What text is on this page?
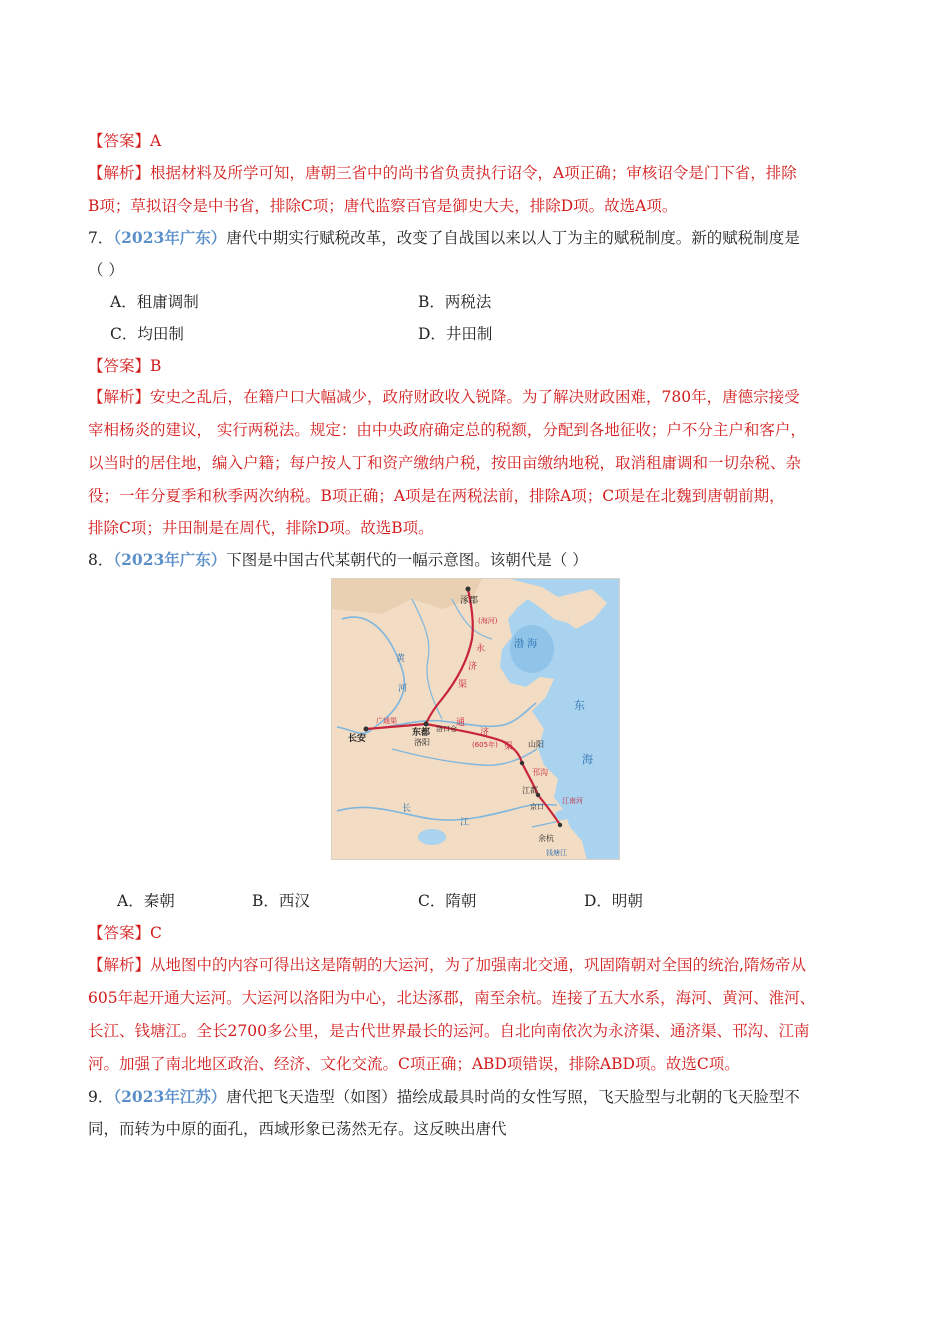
【答案】A
【解析】根据材料及所学可知，唐朝三省中的尚书省负责执行诏令，A项正确；审核诏令是门下省，排除
B项；草拟诏令是中书省，排除C项；唐代监察百官是御史大夫，排除D项。故选A项。
7．（2023年广东）唐代中期实行赋税改革，改变了自战国以来以人丁为主的赋税制度。新的赋税制度是
（ ）
A．租庸调制	B．两税法
C．均田制	D．井田制
【答案】B
【解析】安史之乱后，在籍户口大幅减少，政府财政收入锐降。为了解决财政困难，780年，唐德宗接受
宰相杨炎的建议， 实行两税法。规定：由中央政府确定总的税额，分配到各地征收；户不分主户和客户，
以当时的居住地，编入户籍；每户按人丁和资产缴纳户税，按田亩缴纳地税，取消租庸调和一切杂税、杂
役；一年分夏季和秋季两次纳税。B项正确；A项是在两税法前，排除A项；C项是在北魏到唐朝前期，
排除C项；井田制是在周代，排除D项。故选B项。
8．（2023年广东）下图是中国古代某朝代的一幅示意图。该朝代是（ ）
涿郡
(海河)
渤 海
东
海
黄
河
永
济
渠
通
济
渠
广通渠
长安
东都
洛阳
洛口仓
(605年)	山阳
邗沟
江都
京口
江南河
余杭
长
江
钱塘江
A．秦朝	B．西汉	C．隋朝	D．明朝
【答案】C
【解析】从地图中的内容可得出这是隋朝的大运河，为了加强南北交通，巩固隋朝对全国的统治,隋炀帝从
605年起开通大运河。大运河以洛阳为中心，北达涿郡，南至余杭。连接了五大水系，海河、黄河、淮河、
长江、钱塘江。全长2700多公里，是古代世界最长的运河。自北向南依次为永济渠、通济渠、邗沟、江南
河。加强了南北地区政治、经济、文化交流。C项正确；ABD项错误，排除ABD项。故选C项。
9．（2023年江苏）唐代把飞天造型（如图）描绘成最具时尚的女性写照，飞天脸型与北朝的飞天脸型不
同，而转为中原的面孔，西域形象已荡然无存。这反映出唐代
